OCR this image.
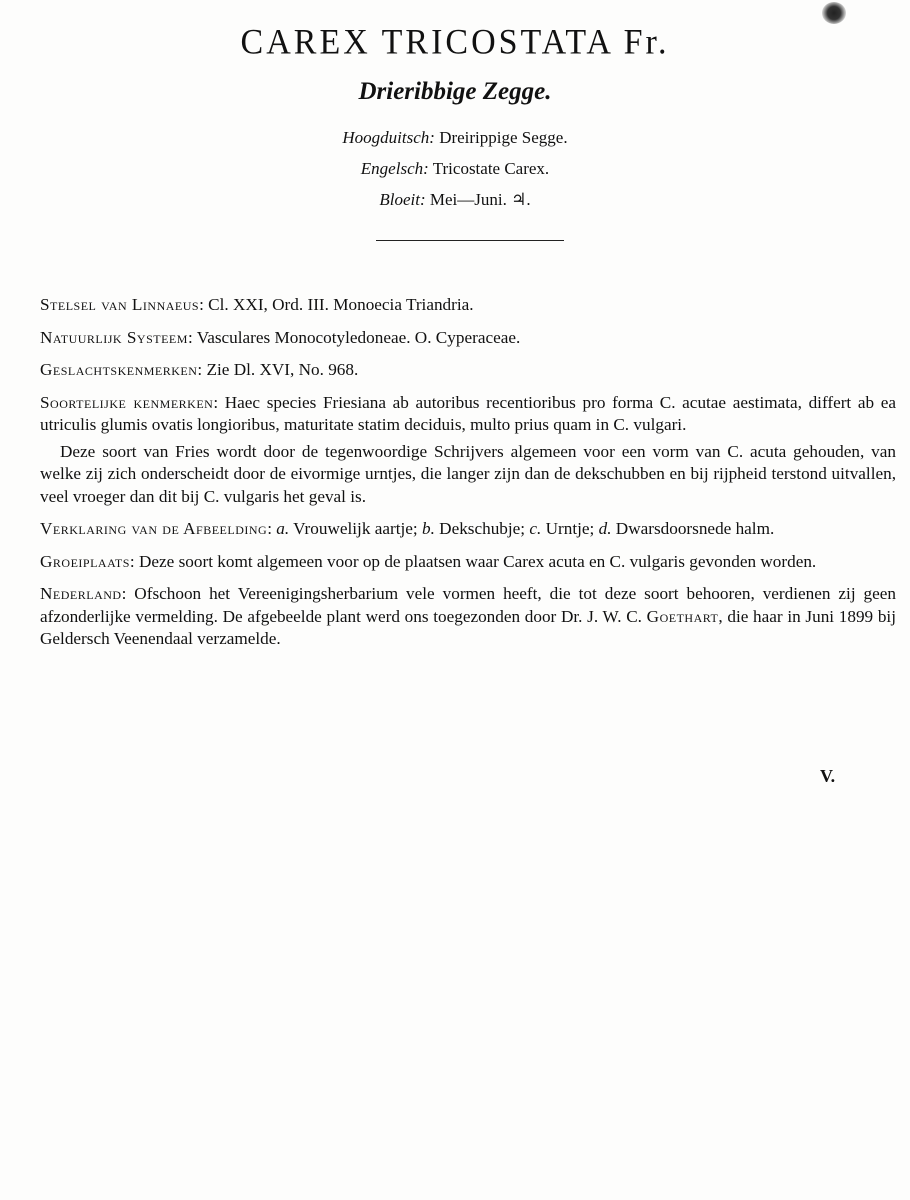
CAREX TRICOSTATA Fr.
Drieribbige Zegge.
Hoogduitsch: Dreirippige Segge.
Engelsch: Tricostate Carex.
Bloeit: Mei—Juni. ♃.

Stelsel van Linnaeus: Cl. XXI, Ord. III. Monoecia Triandria.

Natuurlijk Systeem: Vasculares Monocotyledoneae. O. Cyperaceae.

Geslachtskenmerken: Zie Dl. XVI, No. 968.

Soortelijke kenmerken: Haec species Friesiana ab autoribus recentioribus pro forma C. acutae aestimata, differt ab ea utriculis glumis ovatis longioribus, maturitate statim deciduis, multo prius quam in C. vulgari.

Deze soort van Fries wordt door de tegenwoordige Schrijvers algemeen voor een vorm van C. acuta gehouden, van welke zij zich onderscheidt door de eivormige urntjes, die langer zijn dan de dekschubben en bij rijpheid terstond uitvallen, veel vroeger dan dit bij C. vulgaris het geval is.

Verklaring van de Afbeelding: a. Vrouwelijk aartje; b. Dekschubje; c. Urntje; d. Dwarsdoorsnede halm.

Groeiplaats: Deze soort komt algemeen voor op de plaatsen waar Carex acuta en C. vulgaris gevonden worden.

Nederland: Ofschoon het Vereenigingsherbarium vele vormen heeft, die tot deze soort behooren, verdienen zij geen afzonderlijke vermelding. De afgebeelde plant werd ons toegezonden door Dr. J. W. C. Goethart, die haar in Juni 1899 bij Geldersch Veenendaal verzamelde.

V.
